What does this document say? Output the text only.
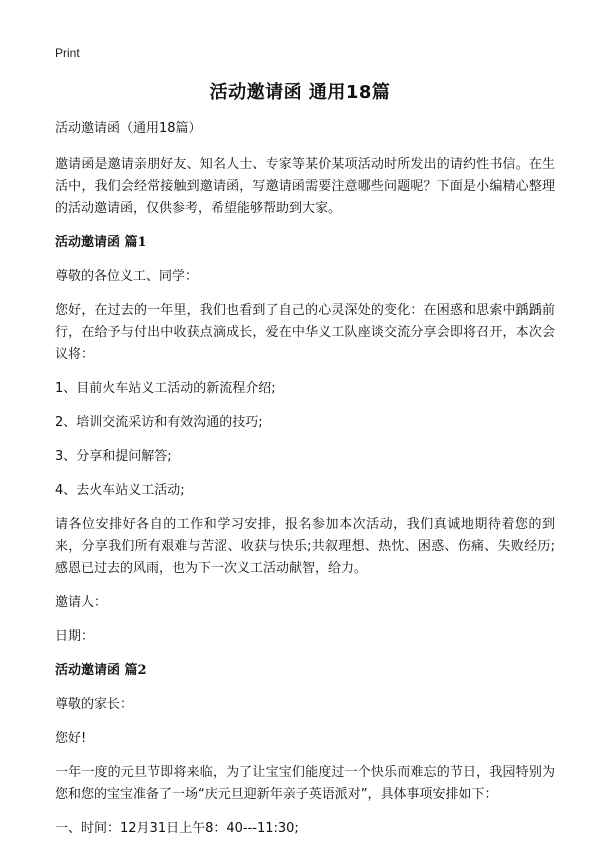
Print
活动邀请函 通用18篇

活动邀请函（通用18篇）

邀请函是邀请亲朋好友、知名人士、专家等某价某项活动时所发出的请约性书信。在生活中，我们会经常接触到邀请函，写邀请函需要注意哪些问题呢？下面是小编精心整理的活动邀请函，仅供参考，希望能够帮助到大家。

活动邀请函 篇1

尊敬的各位义工、同学：

您好，在过去的一年里，我们也看到了自己的心灵深处的变化：在困惑和思索中踽踽前行，在给予与付出中收获点滴成长，爱在中华义工队座谈交流分享会即将召开，本次会议将：

1、目前火车站义工活动的新流程介绍;

2、培训交流采访和有效沟通的技巧;

3、分享和提问解答;

4、去火车站义工活动;

请各位安排好各自的工作和学习安排，报名参加本次活动，我们真诚地期待着您的到来，分享我们所有艰难与苦涩、收获与快乐;共叙理想、热忱、困惑、伤痛、失败经历;感恩已过去的风雨，也为下一次义工活动献智，给力。

邀请人：

日期：

活动邀请函 篇2

尊敬的家长：

您好!

一年一度的元旦节即将来临，为了让宝宝们能度过一个快乐而难忘的节日，我园特别为您和您的宝宝准备了一场“庆元旦迎新年亲子英语派对”，具体事项安排如下：

一、时间：12月31日上午8：40---11:30;
